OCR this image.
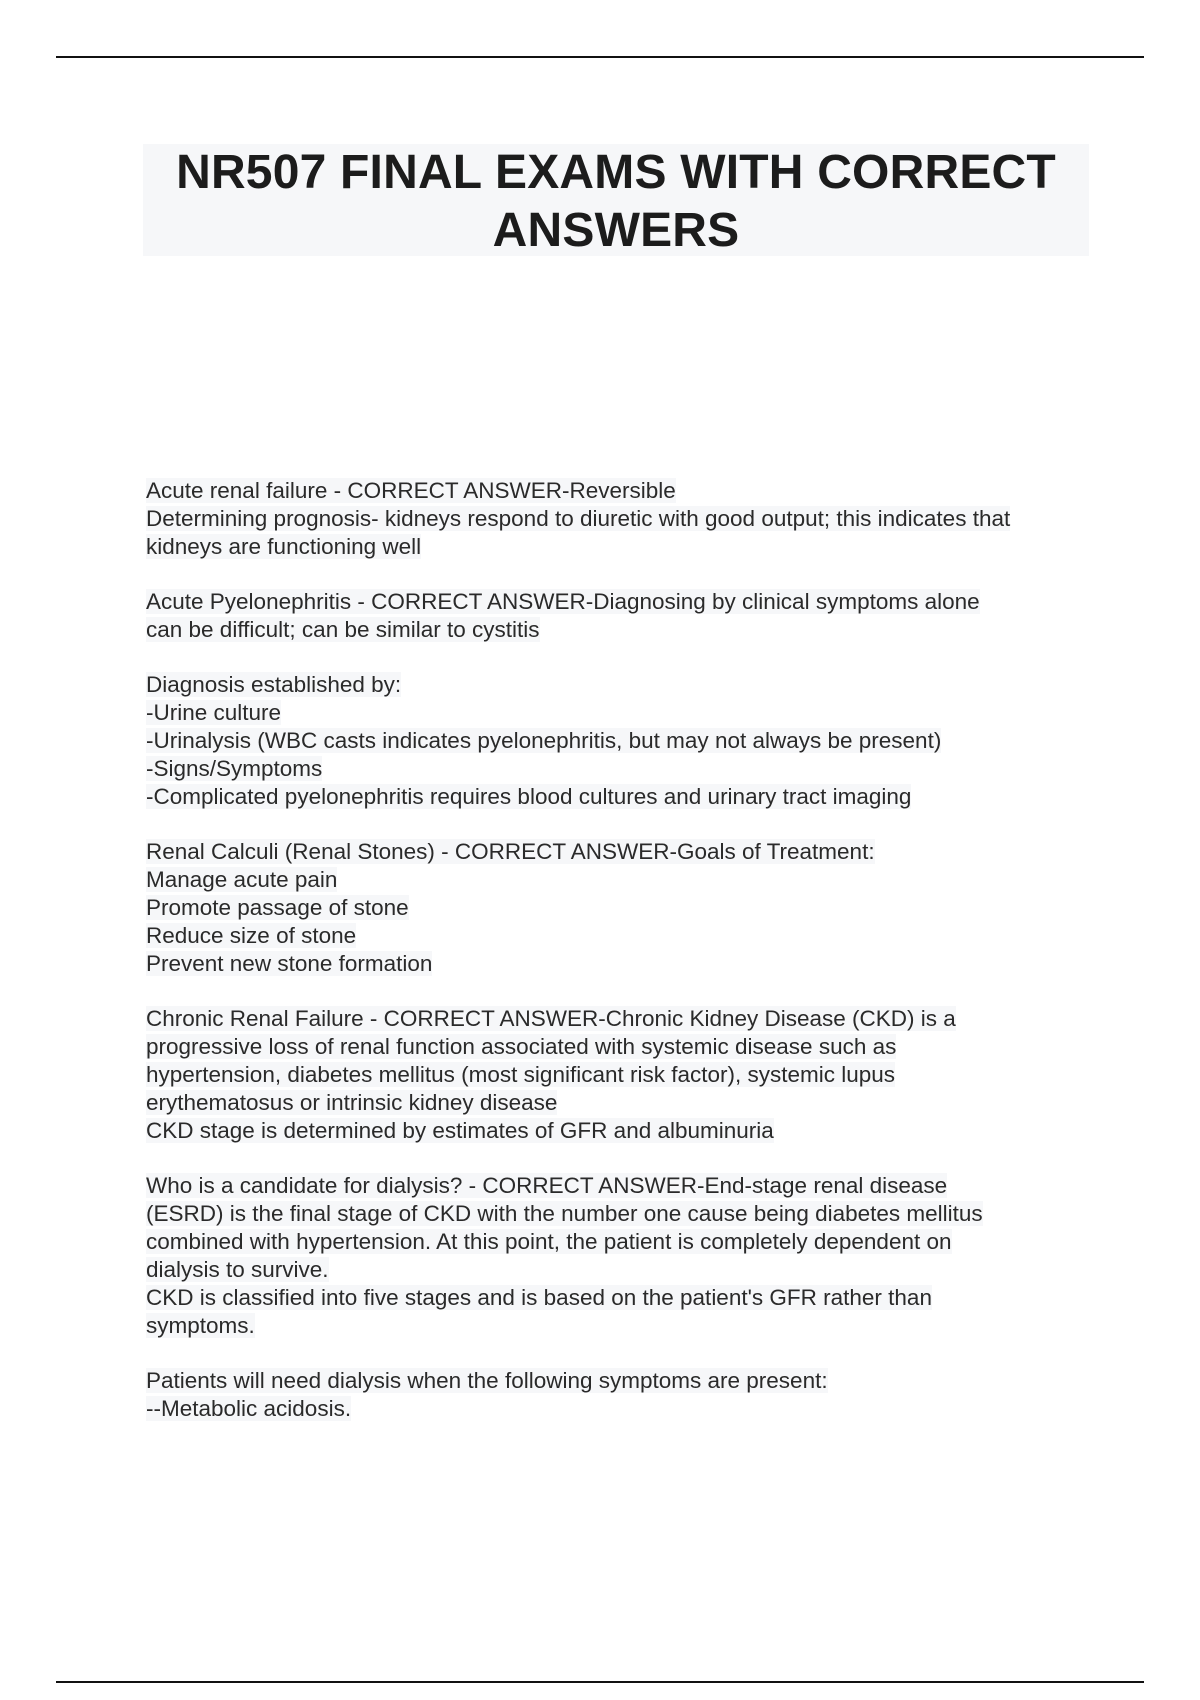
NR507 FINAL EXAMS WITH CORRECT
ANSWERS
Acute renal failure - CORRECT ANSWER-Reversible
Determining prognosis- kidneys respond to diuretic with good output; this indicates that
kidneys are functioning well
Acute Pyelonephritis - CORRECT ANSWER-Diagnosing by clinical symptoms alone
can be difficult; can be similar to cystitis
Diagnosis established by:
-Urine culture
-Urinalysis (WBC casts indicates pyelonephritis, but may not always be present)
-Signs/Symptoms
-Complicated pyelonephritis requires blood cultures and urinary tract imaging
Renal Calculi (Renal Stones) - CORRECT ANSWER-Goals of Treatment:
Manage acute pain
Promote passage of stone
Reduce size of stone
Prevent new stone formation
Chronic Renal Failure - CORRECT ANSWER-Chronic Kidney Disease (CKD) is a
progressive loss of renal function associated with systemic disease such as
hypertension, diabetes mellitus (most significant risk factor), systemic lupus
erythematosus or intrinsic kidney disease
CKD stage is determined by estimates of GFR and albuminuria
Who is a candidate for dialysis? - CORRECT ANSWER-End-stage renal disease
(ESRD) is the final stage of CKD with the number one cause being diabetes mellitus
combined with hypertension. At this point, the patient is completely dependent on
dialysis to survive.
CKD is classified into five stages and is based on the patient's GFR rather than
symptoms.
Patients will need dialysis when the following symptoms are present:
--Metabolic acidosis.
